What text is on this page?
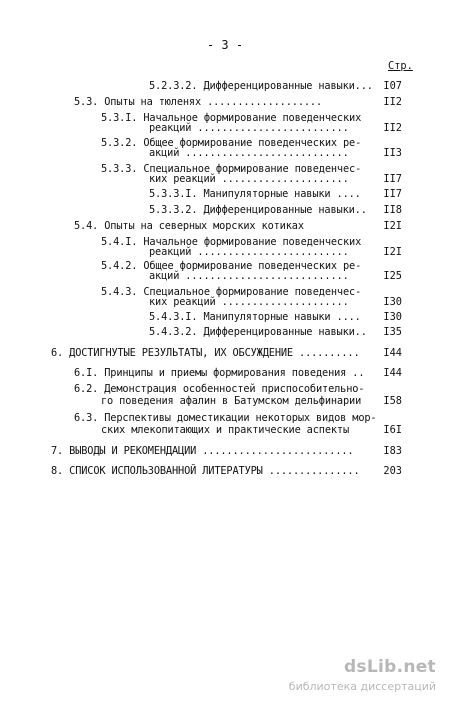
- 3 -
Стр.
5.2.3.2. Дифференцированные навыки...	I07
5.3. Опыты на тюленях ...................	II2
5.3.I. Начальное формирование поведенческих
реакций .........................	II2
5.3.2. Общее формирование поведенческих ре-
акций ...........................	II3
5.3.3. Специальное формирование поведенчес-
ких реакций .....................	II7
5.3.3.I. Манипуляторные навыки ....	II7
5.3.3.2. Дифференцированные навыки..	II8
5.4. Опыты на северных морских котиках	I2I
5.4.I. Начальное формирование поведенческих
реакций .........................	I2I
5.4.2. Общее формирование поведенческих ре-
акций ...........................	I25
5.4.3. Специальное формирование поведенчес-
ких реакций .....................	I30
5.4.3.I. Манипуляторные навыки ....	I30
5.4.3.2. Дифференцированные навыки..	I35
6. ДОСТИГНУТЫЕ РЕЗУЛЬТАТЫ, ИХ ОБСУЖДЕНИЕ ..........	I44
6.I. Принципы и приемы формирования поведения ..	I44
6.2. Демонстрация особенностей приспособительно-
го поведения афалин в Батумском дельфинарии	I58
6.3. Перспективы доместикации некоторых видов мор-
ских млекопитающих и практические аспекты	I6I
7. ВЫВОДЫ И РЕКОМЕНДАЦИИ .........................	I83
8. СПИСОК ИСПОЛЬЗОВАННОЙ ЛИТЕРАТУРЫ ...............	203
dsLib.net
библиотека диссертаций
